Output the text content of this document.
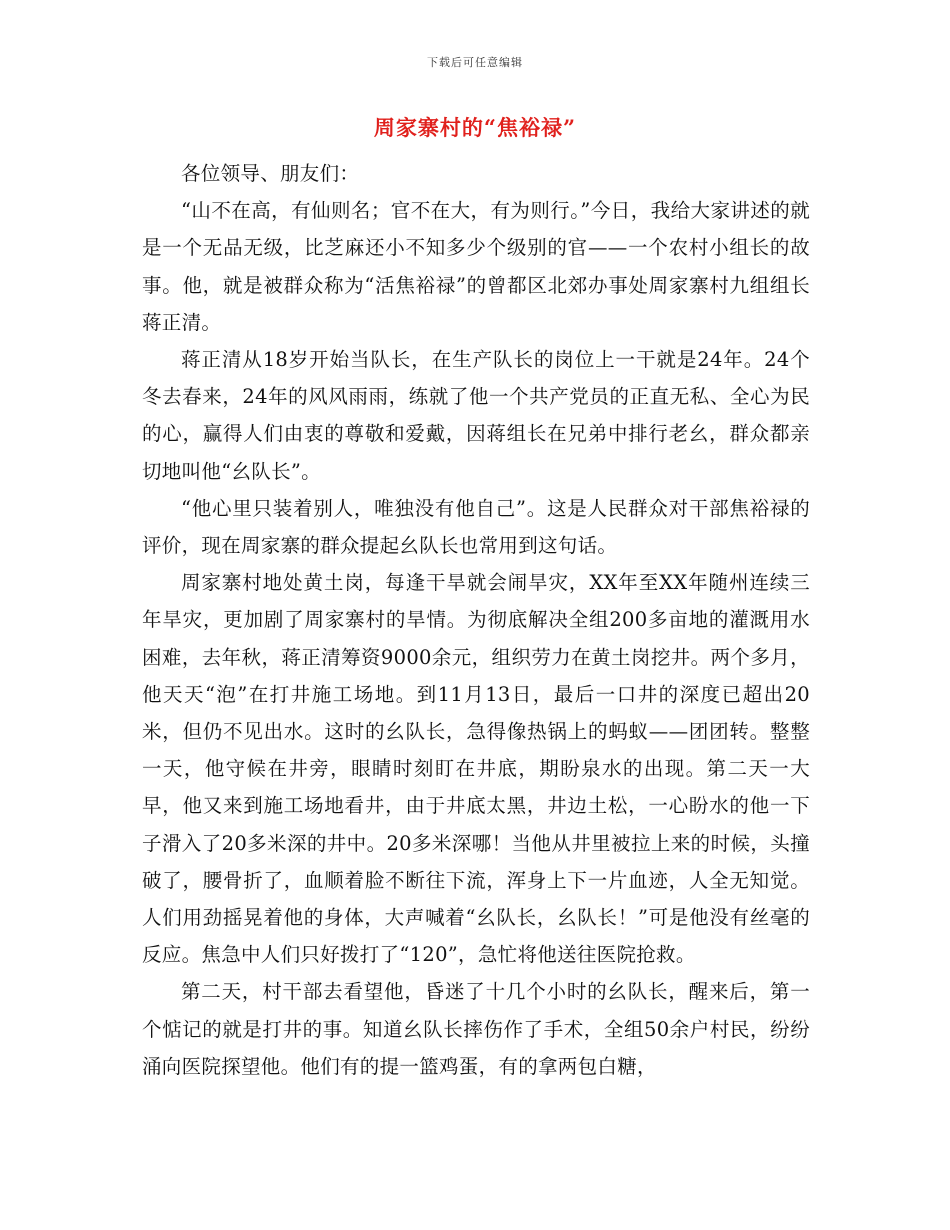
下载后可任意编辑
周家寨村的“焦裕禄”

各位领导、朋友们：

“山不在高，有仙则名；官不在大，有为则行。”今日，我给大家讲述的就是一个无品无级，比芝麻还小不知多少个级别的官——一个农村小组长的故事。他，就是被群众称为“活焦裕禄”的曾都区北郊办事处周家寨村九组组长蒋正清。

蒋正清从18岁开始当队长，在生产队长的岗位上一干就是24年。24个冬去春来，24年的风风雨雨，练就了他一个共产党员的正直无私、全心为民的心，赢得人们由衷的尊敬和爱戴，因蒋组长在兄弟中排行老幺，群众都亲切地叫他“幺队长”。

“他心里只装着别人，唯独没有他自己”。这是人民群众对干部焦裕禄的评价，现在周家寨的群众提起幺队长也常用到这句话。

周家寨村地处黄土岗，每逢干旱就会闹旱灾，XX年至XX年随州连续三年旱灾，更加剧了周家寨村的旱情。为彻底解决全组200多亩地的灌溉用水困难，去年秋，蒋正清筹资9000余元，组织劳力在黄土岗挖井。两个多月，他天天“泡”在打井施工场地。到11月13日，最后一口井的深度已超出20米，但仍不见出水。这时的幺队长，急得像热锅上的蚂蚁——团团转。整整一天，他守候在井旁，眼睛时刻盯在井底，期盼泉水的出现。第二天一大早，他又来到施工场地看井，由于井底太黑，井边土松，一心盼水的他一下子滑入了20多米深的井中。20多米深哪！当他从井里被拉上来的时候，头撞破了，腰骨折了，血顺着脸不断往下流，浑身上下一片血迹，人全无知觉。人们用劲摇晃着他的身体，大声喊着“幺队长，幺队长！”可是他没有丝毫的反应。焦急中人们只好拨打了“120”，急忙将他送往医院抢救。

第二天，村干部去看望他，昏迷了十几个小时的幺队长，醒来后，第一个惦记的就是打井的事。知道幺队长摔伤作了手术，全组50余户村民，纷纷涌向医院探望他。他们有的提一篮鸡蛋，有的拿两包白糖，
